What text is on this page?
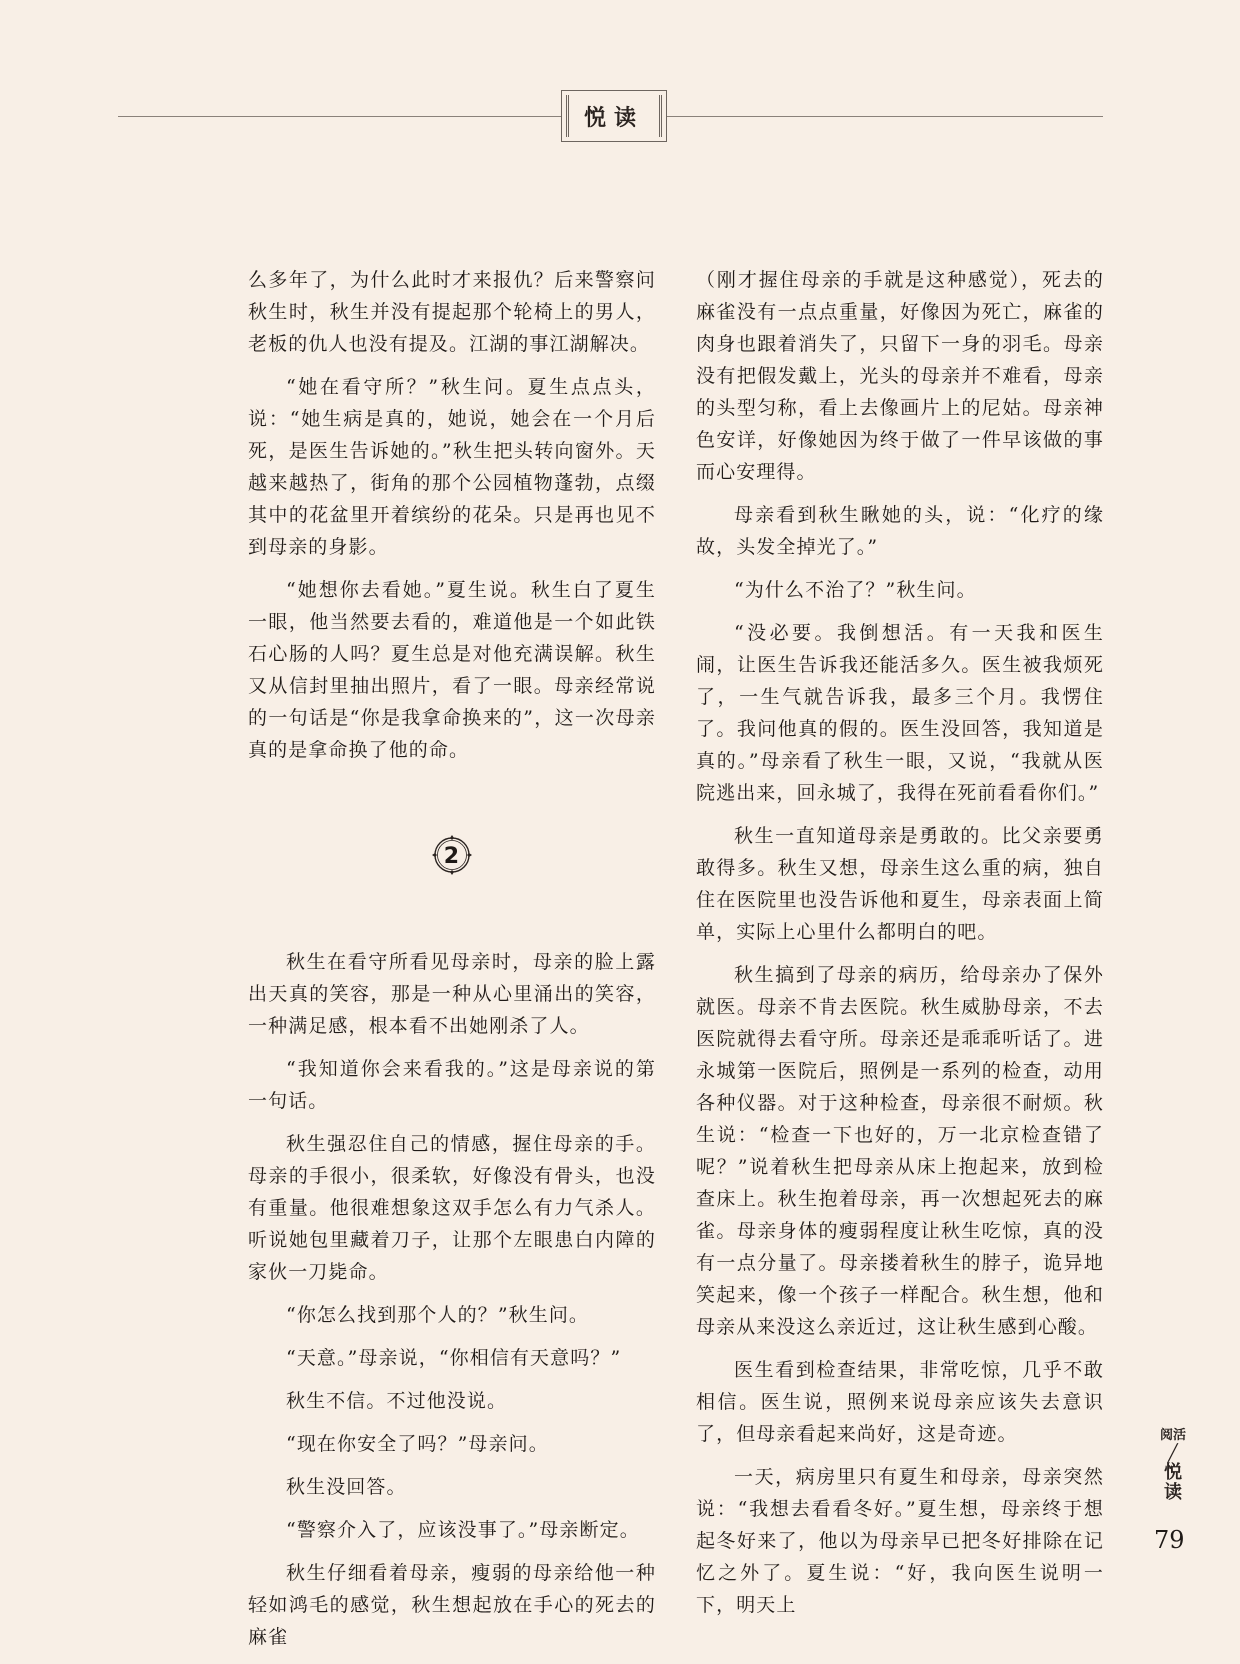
悦读

么多年了，为什么此时才来报仇？后来警察问秋生时，秋生并没有提起那个轮椅上的男人，老板的仇人也没有提及。江湖的事江湖解决。

“她在看守所？”秋生问。夏生点点头，说：“她生病是真的，她说，她会在一个月后死，是医生告诉她的。”秋生把头转向窗外。天越来越热了，街角的那个公园植物蓬勃，点缀其中的花盆里开着缤纷的花朵。只是再也见不到母亲的身影。

“她想你去看她。”夏生说。秋生白了夏生一眼，他当然要去看的，难道他是一个如此铁石心肠的人吗？夏生总是对他充满误解。秋生又从信封里抽出照片，看了一眼。母亲经常说的一句话是“你是我拿命换来的”，这一次母亲真的是拿命换了他的命。

2

秋生在看守所看见母亲时，母亲的脸上露出天真的笑容，那是一种从心里涌出的笑容，一种满足感，根本看不出她刚杀了人。

“我知道你会来看我的。”这是母亲说的第一句话。

秋生强忍住自己的情感，握住母亲的手。母亲的手很小，很柔软，好像没有骨头，也没有重量。他很难想象这双手怎么有力气杀人。听说她包里藏着刀子，让那个左眼患白内障的家伙一刀毙命。

“你怎么找到那个人的？”秋生问。

“天意。”母亲说，“你相信有天意吗？”

秋生不信。不过他没说。

“现在你安全了吗？”母亲问。

秋生没回答。

“警察介入了，应该没事了。”母亲断定。

秋生仔细看着母亲，瘦弱的母亲给他一种轻如鸿毛的感觉，秋生想起放在手心的死去的麻雀

（刚才握住母亲的手就是这种感觉），死去的麻雀没有一点点重量，好像因为死亡，麻雀的肉身也跟着消失了，只留下一身的羽毛。母亲没有把假发戴上，光头的母亲并不难看，母亲的头型匀称，看上去像画片上的尼姑。母亲神色安详，好像她因为终于做了一件早该做的事而心安理得。

母亲看到秋生瞅她的头，说：“化疗的缘故，头发全掉光了。”

“为什么不治了？”秋生问。

“没必要。我倒想活。有一天我和医生闹，让医生告诉我还能活多久。医生被我烦死了，一生气就告诉我，最多三个月。我愣住了。我问他真的假的。医生没回答，我知道是真的。”母亲看了秋生一眼，又说，“我就从医院逃出来，回永城了，我得在死前看看你们。”

秋生一直知道母亲是勇敢的。比父亲要勇敢得多。秋生又想，母亲生这么重的病，独自住在医院里也没告诉他和夏生，母亲表面上简单，实际上心里什么都明白的吧。

秋生搞到了母亲的病历，给母亲办了保外就医。母亲不肯去医院。秋生威胁母亲，不去医院就得去看守所。母亲还是乖乖听话了。进永城第一医院后，照例是一系列的检查，动用各种仪器。对于这种检查，母亲很不耐烦。秋生说：“检查一下也好的，万一北京检查错了呢？”说着秋生把母亲从床上抱起来，放到检查床上。秋生抱着母亲，再一次想起死去的麻雀。母亲身体的瘦弱程度让秋生吃惊，真的没有一点分量了。母亲搂着秋生的脖子，诡异地笑起来，像一个孩子一样配合。秋生想，他和母亲从来没这么亲近过，这让秋生感到心酸。

医生看到检查结果，非常吃惊，几乎不敢相信。医生说，照例来说母亲应该失去意识了，但母亲看起来尚好，这是奇迹。

一天，病房里只有夏生和母亲，母亲突然说：“我想去看看冬好。”夏生想，母亲终于想起冬好来了，他以为母亲早已把冬好排除在记忆之外了。夏生说：“好，我向医生说明一下，明天上

阅活
╱
悦读
79
